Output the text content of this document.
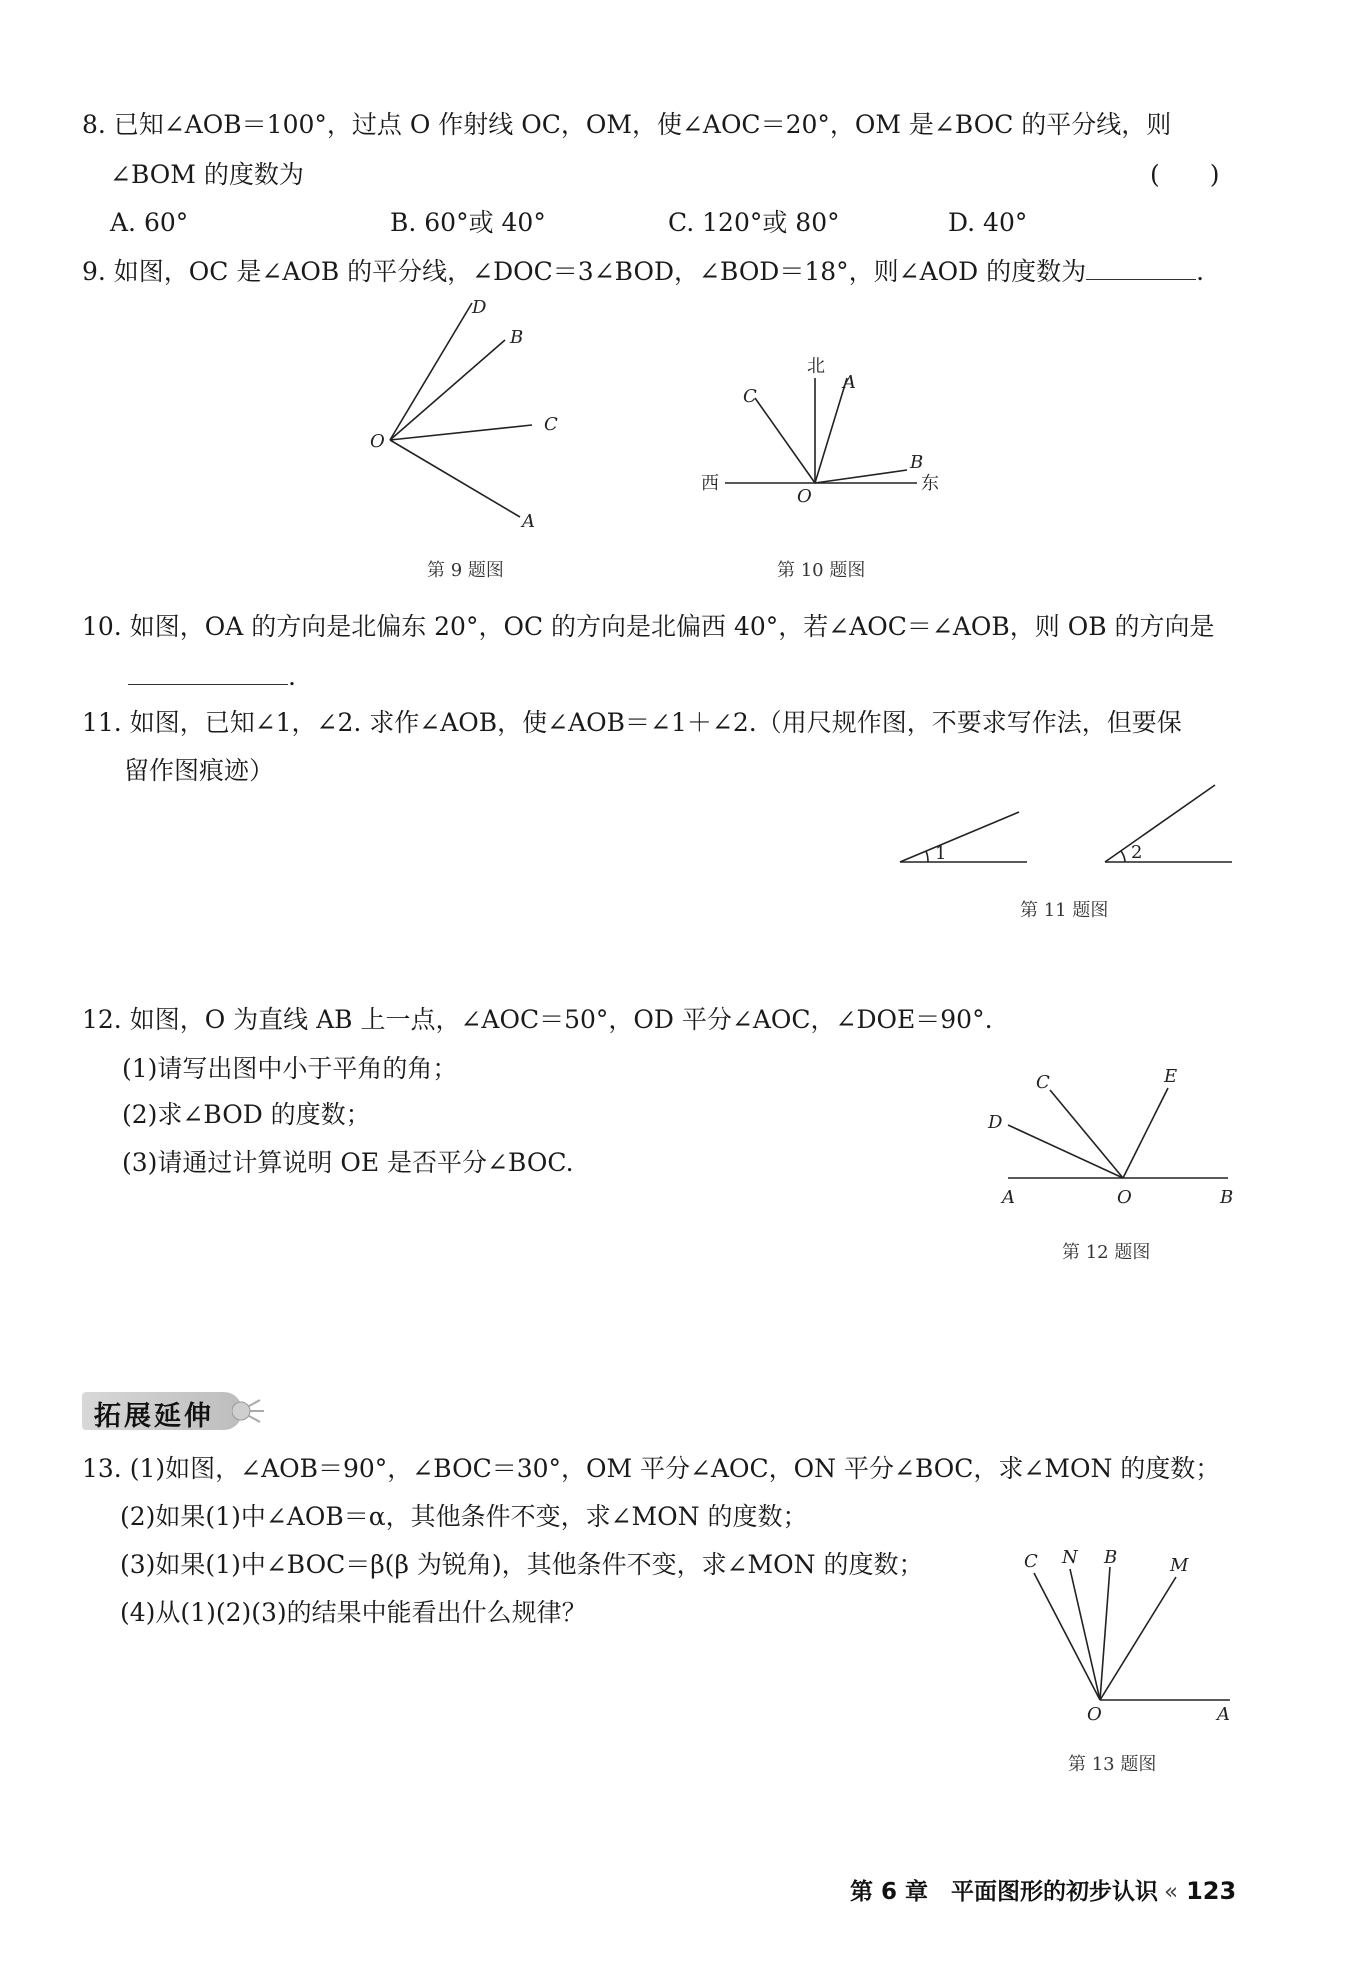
8. 已知∠AOB＝100°，过点 O 作射线 OC，OM，使∠AOC＝20°，OM 是∠BOC 的平分线，则
∠BOM 的度数为	(　　)
A. 60°	B. 60°或 40°	C. 120°或 80°	D. 40°
9. 如图，OC 是∠AOB 的平分线，∠DOC＝3∠BOD，∠BOD＝18°，则∠AOD 的度数为	.
D
B
C
A
O
第 9 题图
北
A
C
B
东
西
O
第 10 题图
10. 如图，OA 的方向是北偏东 20°，OC 的方向是北偏西 40°，若∠AOC＝∠AOB，则 OB 的方向是
.
11. 如图，已知∠1，∠2. 求作∠AOB，使∠AOB＝∠1＋∠2.（用尺规作图，不要求写作法，但要保
留作图痕迹）
1	2
第 11 题图
12. 如图，O 为直线 AB 上一点，∠AOC＝50°，OD 平分∠AOC，∠DOE＝90°.
(1)请写出图中小于平角的角；
(2)求∠BOD 的度数；
(3)请通过计算说明 OE 是否平分∠BOC.
C	E
D
A	O	B
第 12 题图
拓展延伸
13. (1)如图，∠AOB＝90°，∠BOC＝30°，OM 平分∠AOC，ON 平分∠BOC，求∠MON 的度数；
(2)如果(1)中∠AOB＝α，其他条件不变，求∠MON 的度数；
(3)如果(1)中∠BOC＝β(β 为锐角)，其他条件不变，求∠MON 的度数；
(4)从(1)(2)(3)的结果中能看出什么规律？
C N B	M
O	A
第 13 题图
第 6 章　平面图形的初步认识 « 123
